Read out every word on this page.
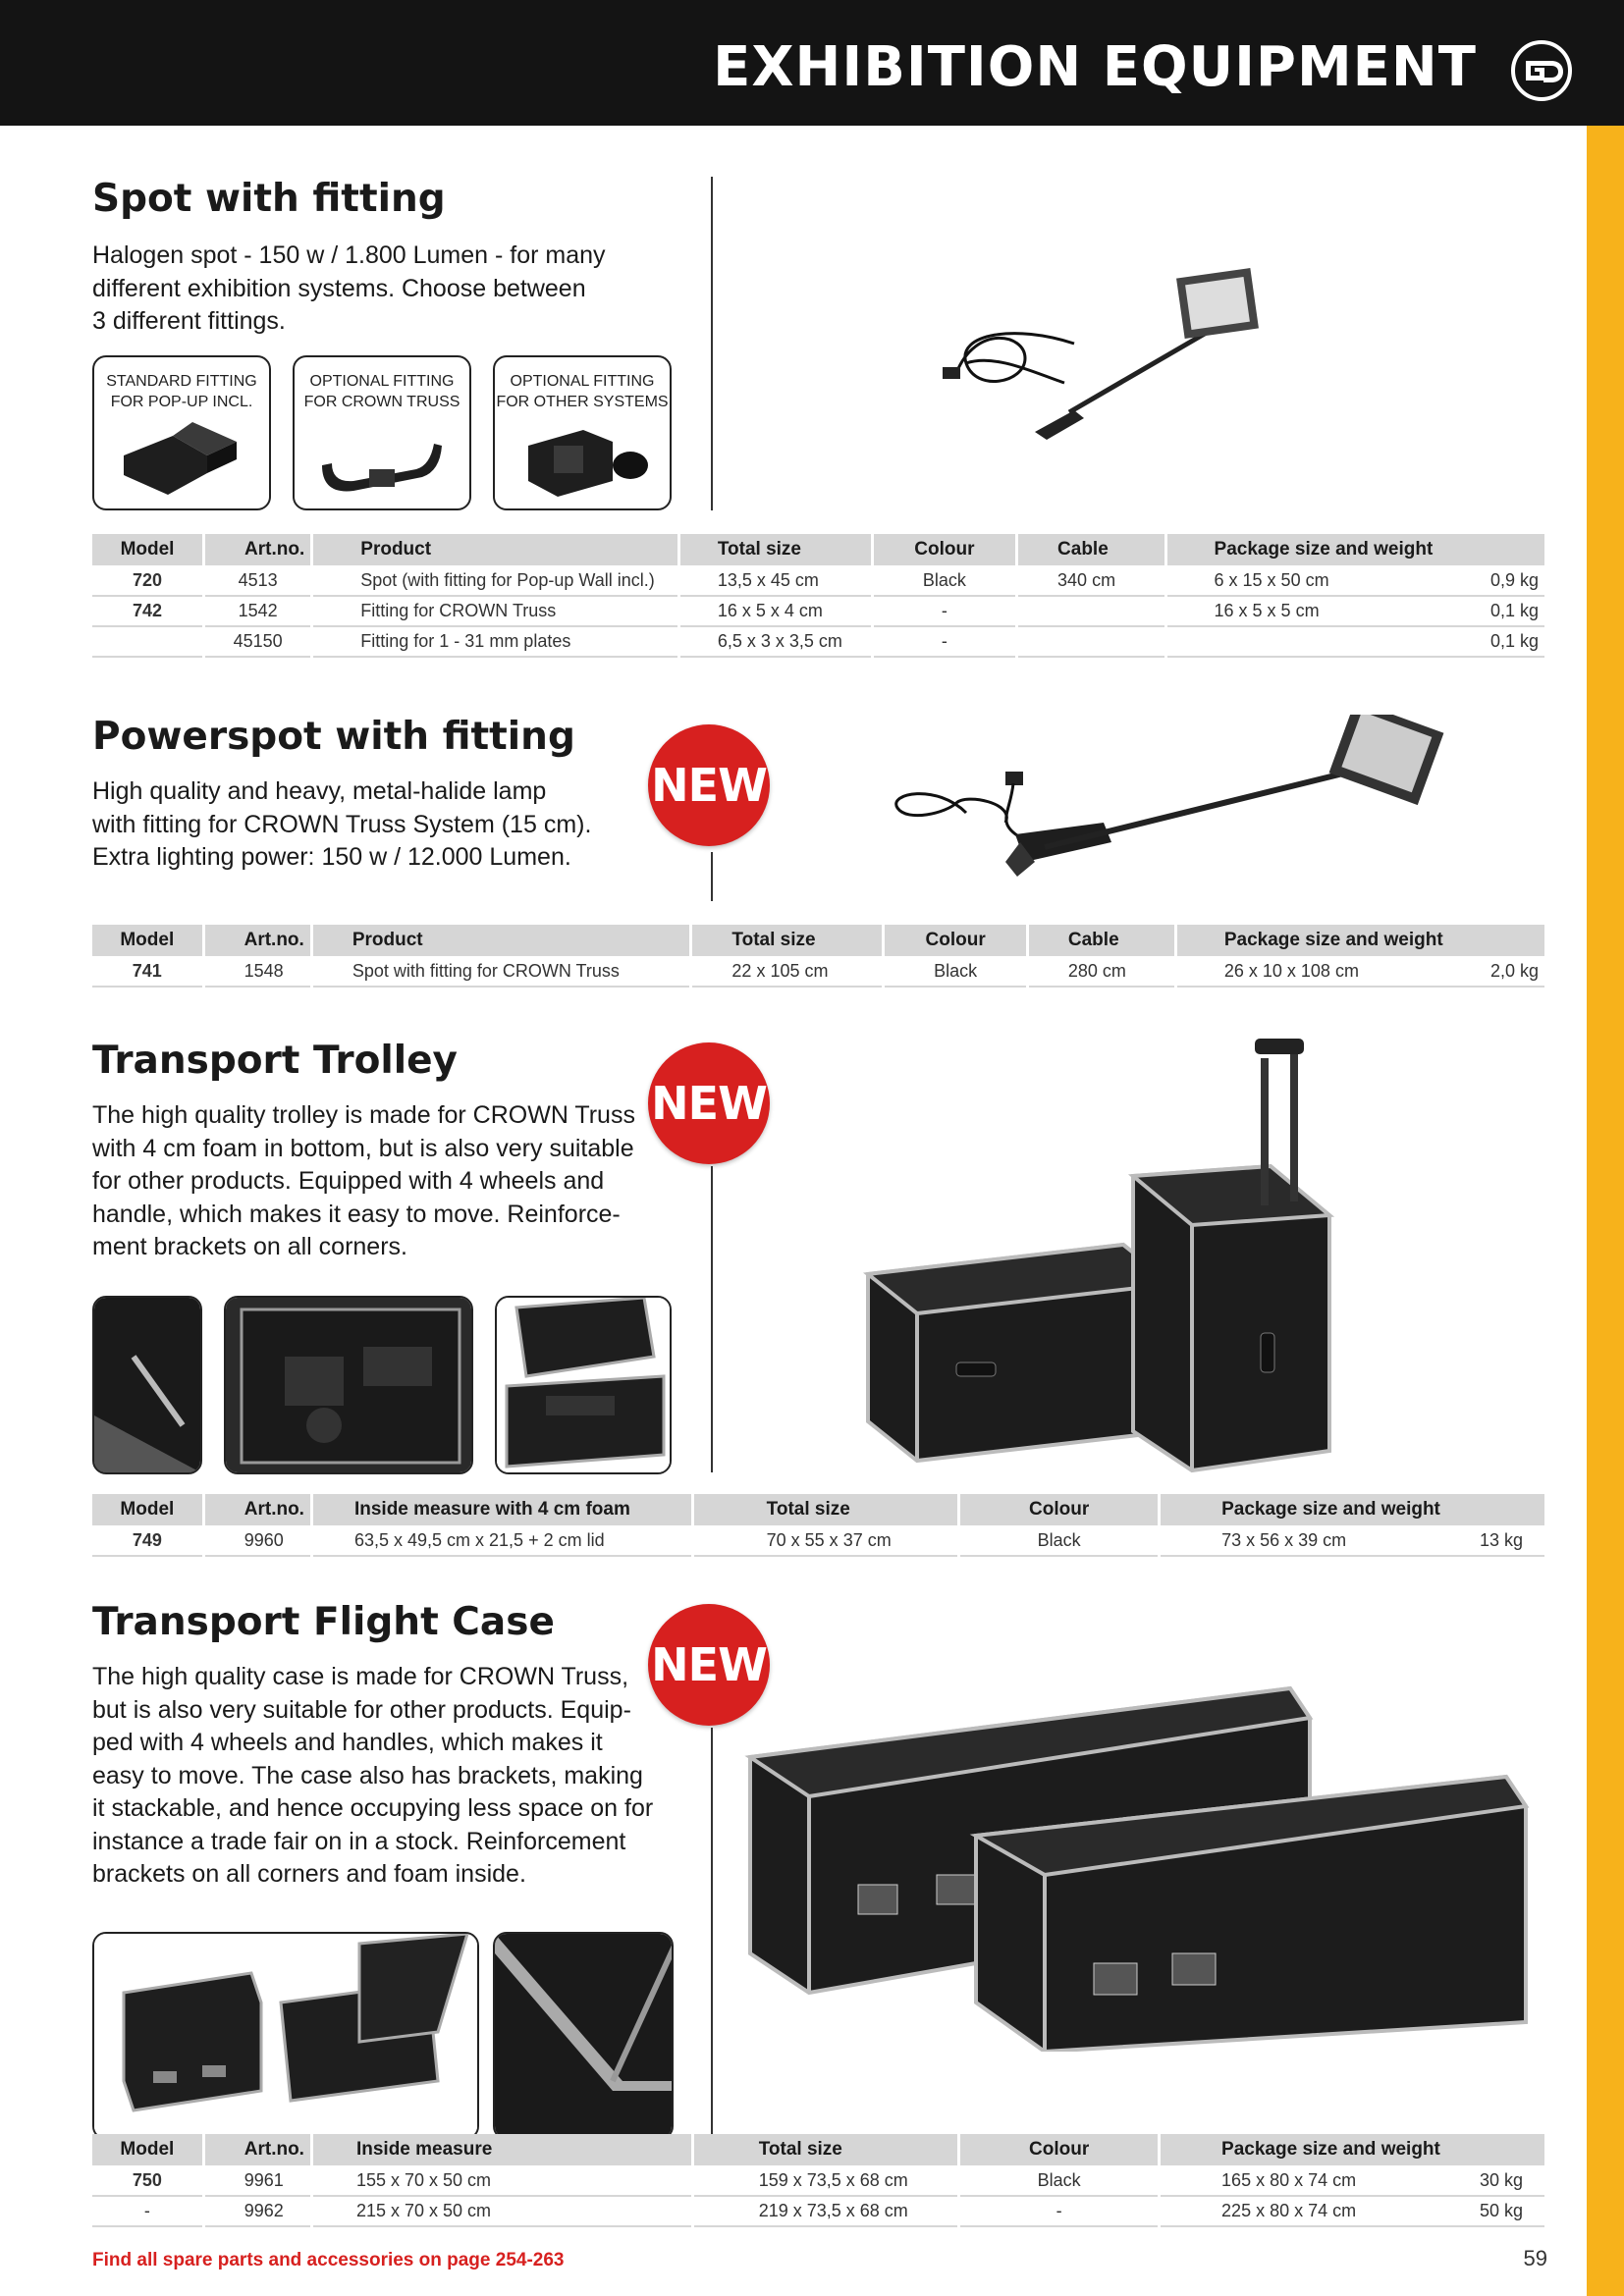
EXHIBITION EQUIPMENT
Spot with fitting
Halogen spot - 150 w / 1.800 Lumen - for many
different exhibition systems. Choose between
3 different fittings.
STANDARD FITTING
FOR POP-UP INCL.
OPTIONAL FITTING
FOR CROWN TRUSS
OPTIONAL FITTING
FOR OTHER SYSTEMS
Model	Art.no.	Product	Total size	Colour	Cable	Package size and weight
720	4513	Spot (with fitting for Pop-up Wall incl.)	13,5 x 45 cm	Black	340 cm	6 x 15 x 50 cm 0,9 kg

742	1542	Fitting for CROWN Truss	16 x 5 x 4 cm	-		16 x 5 x 5 cm 0,1 kg

	45150	Fitting for 1 - 31 mm plates	6,5 x 3 x 3,5 cm	-		0,1 kg
Powerspot with fitting
High quality and heavy, metal-halide lamp
with fitting for CROWN Truss System (15 cm).
Extra lighting power: 150 w / 12.000 Lumen.
NEW
Model	Art.no.	Product	Total size	Colour	Cable	Package size and weight
741	1548	Spot with fitting for CROWN Truss	22 x 105 cm	Black	280 cm	26 x 10 x 108 cm 2,0 kg
Transport Trolley
The high quality trolley is made for CROWN Truss
with 4 cm foam in bottom, but is also very suitable
for other products. Equipped with 4 wheels and
handle, which makes it easy to move. Reinforce-
ment brackets on all corners.
NEW
Model	Art.no.	Inside measure with 4 cm foam	Total size	Colour	Package size and weight
749	9960	63,5 x 49,5 cm x 21,5 + 2 cm lid	70 x 55 x 37 cm	Black	73 x 56 x 39 cm 13 kg
Transport Flight Case
The high quality case is made for CROWN Truss,
but is also very suitable for other products. Equip-
ped with 4 wheels and handles, which makes it
easy to move. The case also has brackets, making
it stackable, and hence occupying less space on for
instance a trade fair on in a stock. Reinforcement
brackets on all corners and foam inside.
NEW
Model	Art.no.	Inside measure	Total size	Colour	Package size and weight
750	9961	155 x 70 x 50 cm	159 x 73,5 x 68 cm	Black	165 x 80 x 74 cm 30 kg

-	9962	215 x 70 x 50 cm	219 x 73,5 x 68 cm	-	225 x 80 x 74 cm 50 kg
Find all spare parts and accessories on page 254-263	59
